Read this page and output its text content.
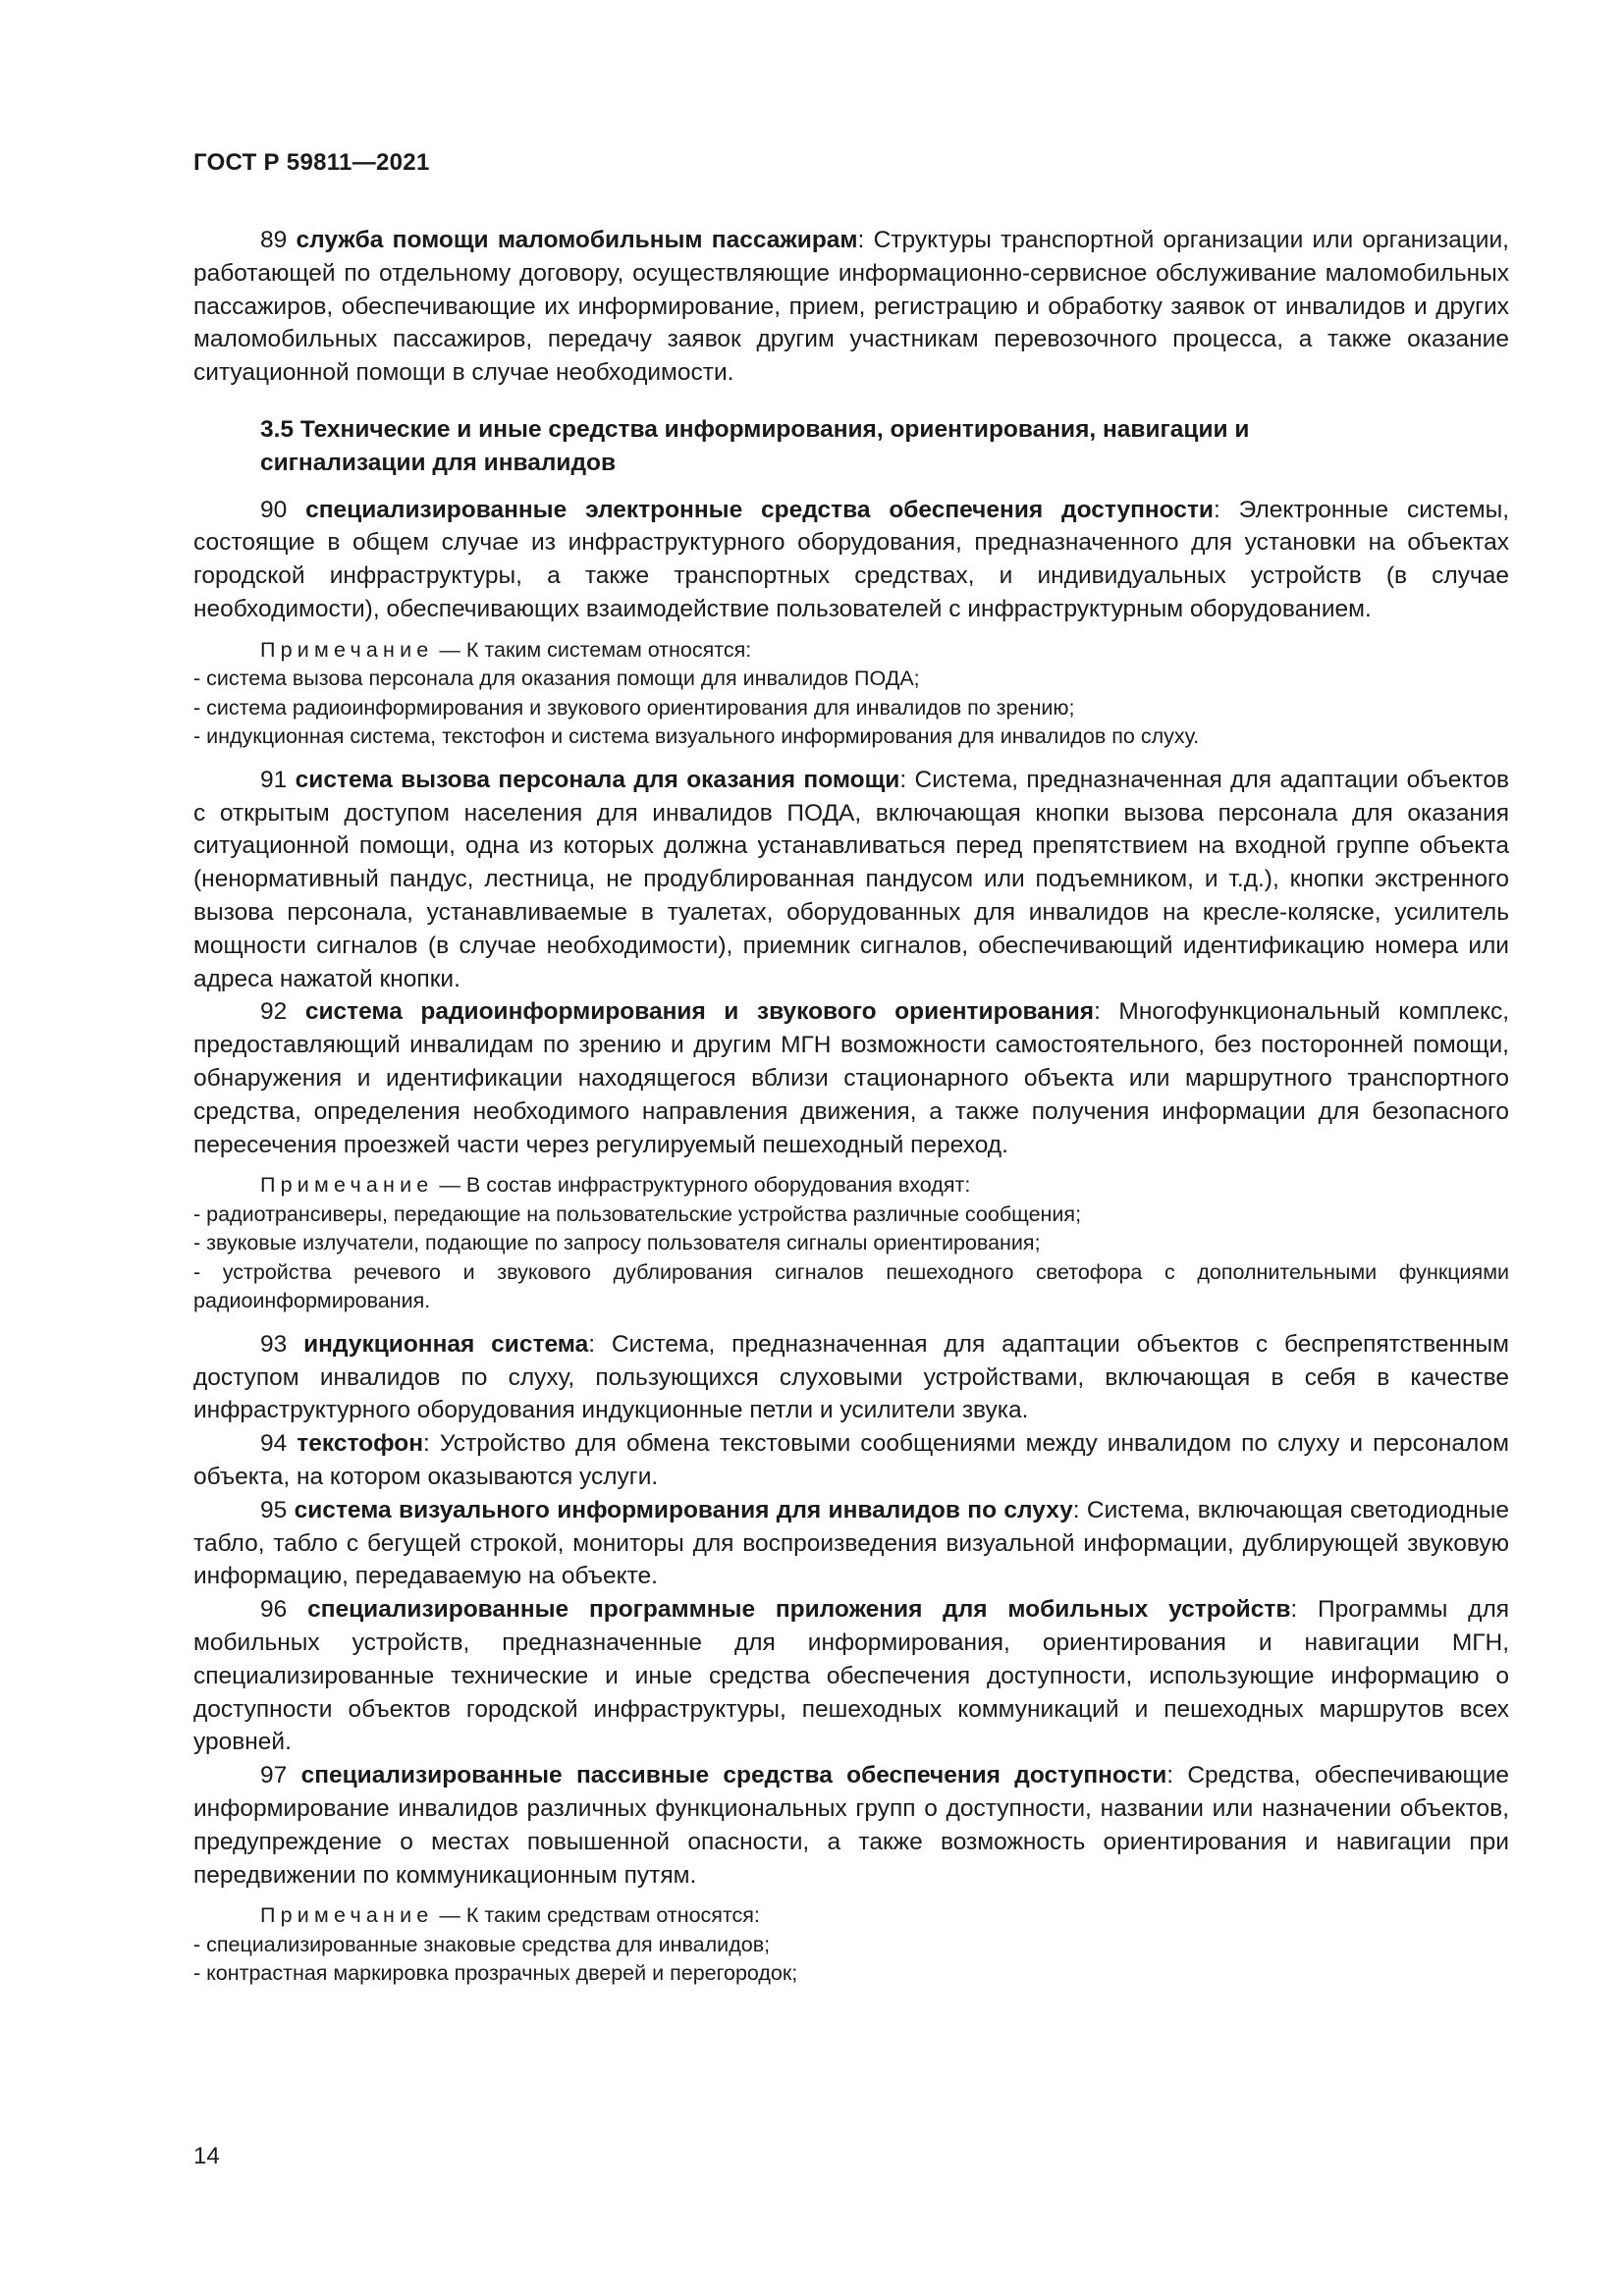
ГОСТ Р 59811—2021

89 служба помощи маломобильным пассажирам: Структуры транспортной организации или организации, работающей по отдельному договору, осуществляющие информационно-сервисное обслуживание маломобильных пассажиров, обеспечивающие их информирование, прием, регистрацию и обработку заявок от инвалидов и других маломобильных пассажиров, передачу заявок другим участникам перевозочного процесса, а также оказание ситуационной помощи в случае необходимости.

3.5 Технические и иные средства информирования, ориентирования, навигации и сигнализации для инвалидов

90 специализированные электронные средства обеспечения доступности: Электронные системы, состоящие в общем случае из инфраструктурного оборудования, предназначенного для установки на объектах городской инфраструктуры, а также транспортных средствах, и индивидуальных устройств (в случае необходимости), обеспечивающих взаимодействие пользователей с инфраструктурным оборудованием.

Примечание — К таким системам относятся:
- система вызова персонала для оказания помощи для инвалидов ПОДА;
- система радиоинформирования и звукового ориентирования для инвалидов по зрению;
- индукционная система, текстофон и система визуального информирования для инвалидов по слуху.

91 система вызова персонала для оказания помощи: Система, предназначенная для адаптации объектов с открытым доступом населения для инвалидов ПОДА, включающая кнопки вызова персонала для оказания ситуационной помощи, одна из которых должна устанавливаться перед препятствием на входной группе объекта (ненормативный пандус, лестница, не продублированная пандусом или подъемником, и т.д.), кнопки экстренного вызова персонала, устанавливаемые в туалетах, оборудованных для инвалидов на кресле-коляске, усилитель мощности сигналов (в случае необходимости), приемник сигналов, обеспечивающий идентификацию номера или адреса нажатой кнопки.

92 система радиоинформирования и звукового ориентирования: Многофункциональный комплекс, предоставляющий инвалидам по зрению и другим МГН возможности самостоятельного, без посторонней помощи, обнаружения и идентификации находящегося вблизи стационарного объекта или маршрутного транспортного средства, определения необходимого направления движения, а также получения информации для безопасного пересечения проезжей части через регулируемый пешеходный переход.

Примечание — В состав инфраструктурного оборудования входят:
- радиотрансиверы, передающие на пользовательские устройства различные сообщения;
- звуковые излучатели, подающие по запросу пользователя сигналы ориентирования;
- устройства речевого и звукового дублирования сигналов пешеходного светофора с дополнительными функциями радиоинформирования.

93 индукционная система: Система, предназначенная для адаптации объектов с беспрепятственным доступом инвалидов по слуху, пользующихся слуховыми устройствами, включающая в себя в качестве инфраструктурного оборудования индукционные петли и усилители звука.

94 текстофон: Устройство для обмена текстовыми сообщениями между инвалидом по слуху и персоналом объекта, на котором оказываются услуги.

95 система визуального информирования для инвалидов по слуху: Система, включающая светодиодные табло, табло с бегущей строкой, мониторы для воспроизведения визуальной информации, дублирующей звуковую информацию, передаваемую на объекте.

96 специализированные программные приложения для мобильных устройств: Программы для мобильных устройств, предназначенные для информирования, ориентирования и навигации МГН, специализированные технические и иные средства обеспечения доступности, использующие информацию о доступности объектов городской инфраструктуры, пешеходных коммуникаций и пешеходных маршрутов всех уровней.

97 специализированные пассивные средства обеспечения доступности: Средства, обеспечивающие информирование инвалидов различных функциональных групп о доступности, названии или назначении объектов, предупреждение о местах повышенной опасности, а также возможность ориентирования и навигации при передвижении по коммуникационным путям.

Примечание — К таким средствам относятся:
- специализированные знаковые средства для инвалидов;
- контрастная маркировка прозрачных дверей и перегородок;
14
